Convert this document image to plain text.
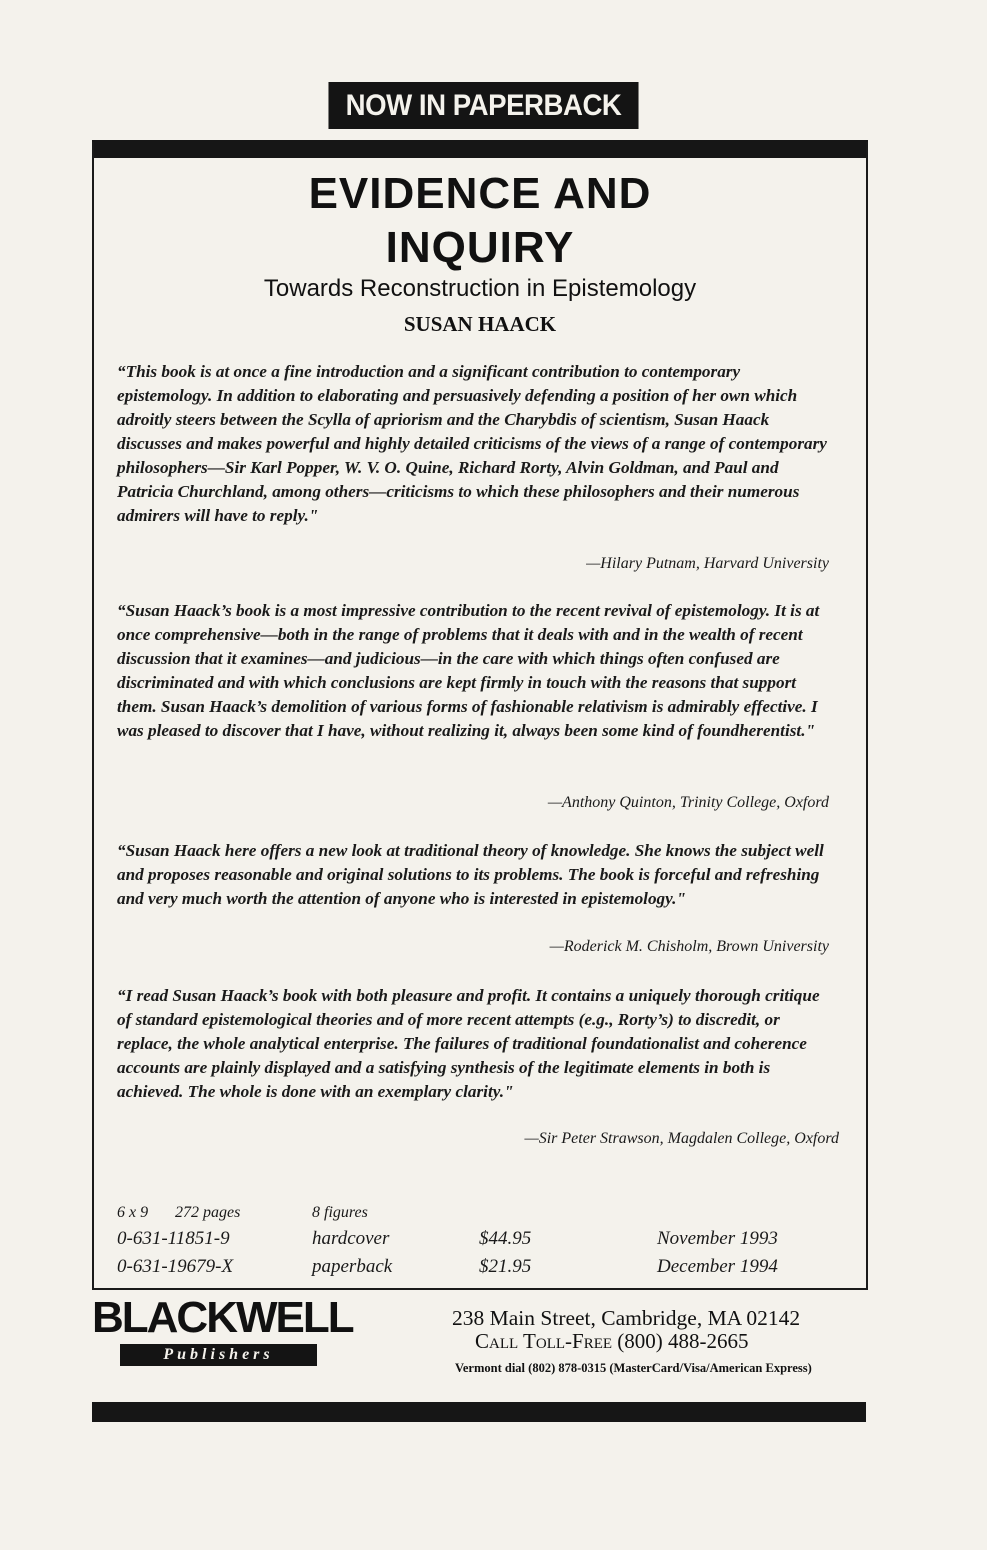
NOW IN PAPERBACK
EVIDENCE AND
INQUIRY
Towards Reconstruction in Epistemology
SUSAN HAACK
“This book is at once a fine introduction and a significant contribution to contemporary epistemology. In addition to elaborating and persuasively defending a position of her own which adroitly steers between the Scylla of apriorism and the Charybdis of scientism, Susan Haack discusses and makes powerful and highly detailed criticisms of the views of a range of contemporary philosophers—Sir Karl Popper, W. V. O. Quine, Richard Rorty, Alvin Goldman, and Paul and Patricia Churchland, among others—criticisms to which these philosophers and their numerous admirers will have to reply."
—Hilary Putnam, Harvard University
“Susan Haack’s book is a most impressive contribution to the recent revival of epistemology. It is at once comprehensive—both in the range of problems that it deals with and in the wealth of recent discussion that it examines—and judicious—in the care with which things often confused are discriminated and with which conclusions are kept firmly in touch with the reasons that support them. Susan Haack’s demolition of various forms of fashionable relativism is admirably effective. I was pleased to discover that I have, without realizing it, always been some kind of foundherentist."
—Anthony Quinton, Trinity College, Oxford
“Susan Haack here offers a new look at traditional theory of knowledge. She knows the subject well and proposes reasonable and original solutions to its problems. The book is forceful and refreshing and very much worth the attention of anyone who is interested in epistemology."
—Roderick M. Chisholm, Brown University
“I read Susan Haack’s book with both pleasure and profit. It contains a uniquely thorough critique of standard epistemological theories and of more recent attempts (e.g., Rorty’s) to discredit, or replace, the whole analytical enterprise. The failures of traditional foundationalist and coherence accounts are plainly displayed and a satisfying synthesis of the legitimate elements in both is achieved. The whole is done with an exemplary clarity."
—Sir Peter Strawson, Magdalen College, Oxford
6 x 9 272 pages	8 figures
0-631-11851-9	hardcover	$44.95	November 1993
0-631-19679-X	paperback	$21.95	December 1994
BLACKWELL
Publishers
238 Main Street, Cambridge, MA 02142
Call Toll-Free (800) 488-2665
Vermont dial (802) 878-0315 (MasterCard/Visa/American Express)
